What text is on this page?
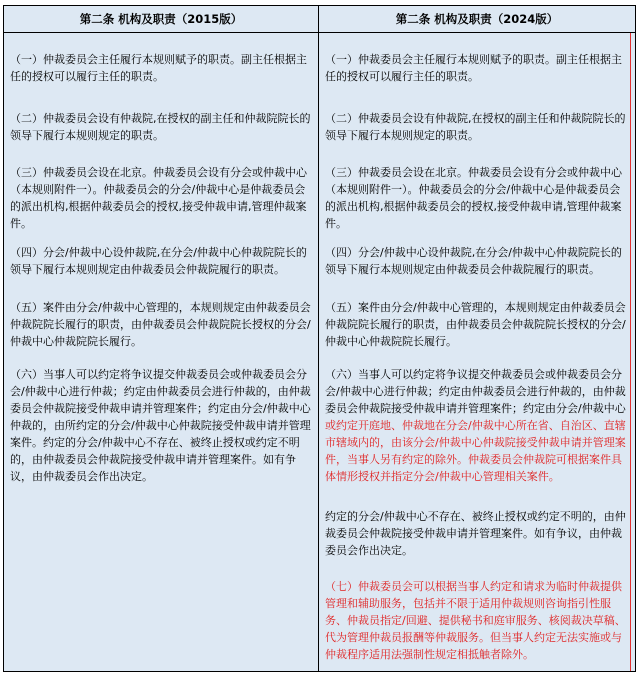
第二条 机构及职责（2015版）	第二条 机构及职责（2024版）

（一）仲裁委员会主任履行本规则赋予的职责。副主任根据主任的授权可以履行主任的职责。

（二）仲裁委员会设有仲裁院,在授权的副主任和仲裁院院长的领导下履行本规则规定的职责。

（三）仲裁委员会设在北京。仲裁委员会设有分会或仲裁中心（本规则附件一）。仲裁委员会的分会/仲裁中心是仲裁委员会的派出机构,根据仲裁委员会的授权,接受仲裁申请,管理仲裁案件。

（四）分会/仲裁中心设仲裁院,在分会/仲裁中心仲裁院院长的领导下履行本规则规定由仲裁委员会仲裁院履行的职责。

（五）案件由分会/仲裁中心管理的，本规则规定由仲裁委员会仲裁院院长履行的职责，由仲裁委员会仲裁院院长授权的分会/仲裁中心仲裁院院长履行。

（六）当事人可以约定将争议提交仲裁委员会或仲裁委员会分会/仲裁中心进行仲裁；约定由仲裁委员会进行仲裁的，由仲裁委员会仲裁院接受仲裁申请并管理案件；约定由分会/仲裁中心仲裁的，由所约定的分会/仲裁中心仲裁院接受仲裁申请并管理案件。约定的分会/仲裁中心不存在、被终止授权或约定不明的，由仲裁委员会仲裁院接受仲裁申请并管理案件。如有争议，由仲裁委员会作出决定。

（一）仲裁委员会主任履行本规则赋予的职责。副主任根据主任的授权可以履行主任的职责。

（二）仲裁委员会设有仲裁院,在授权的副主任和仲裁院院长的领导下履行本规则规定的职责。

（三）仲裁委员会设在北京。仲裁委员会设有分会或仲裁中心（本规则附件一）。仲裁委员会的分会/仲裁中心是仲裁委员会的派出机构,根据仲裁委员会的授权,接受仲裁申请,管理仲裁案件。

（四）分会/仲裁中心设仲裁院,在分会/仲裁中心仲裁院院长的领导下履行本规则规定由仲裁委员会仲裁院履行的职责。

（五）案件由分会/仲裁中心管理的，本规则规定由仲裁委员会仲裁院院长履行的职责，由仲裁委员会仲裁院院长授权的分会/仲裁中心仲裁院院长履行。

（六）当事人可以约定将争议提交仲裁委员会或仲裁委员会分会/仲裁中心进行仲裁；约定由仲裁委员会进行仲裁的，由仲裁委员会仲裁院接受仲裁申请并管理案件；约定由分会/仲裁中心或约定开庭地、仲裁地在分会/仲裁中心所在省、自治区、直辖市辖域内的，由该分会/仲裁中心仲裁院接受仲裁申请并管理案件，当事人另有约定的除外。仲裁委员会仲裁院可根据案件具体情形授权并指定分会/仲裁中心管理相关案件。

约定的分会/仲裁中心不存在、被终止授权或约定不明的，由仲裁委员会仲裁院接受仲裁申请并管理案件。如有争议，由仲裁委员会作出决定。

（七）仲裁委员会可以根据当事人约定和请求为临时仲裁提供管理和辅助服务，包括并不限于适用仲裁规则咨询指引性服务、仲裁员指定/回避、提供秘书和庭审服务、核阅裁决草稿、代为管理仲裁员报酬等仲裁服务。但当事人约定无法实施或与仲裁程序适用法强制性规定相抵触者除外。
